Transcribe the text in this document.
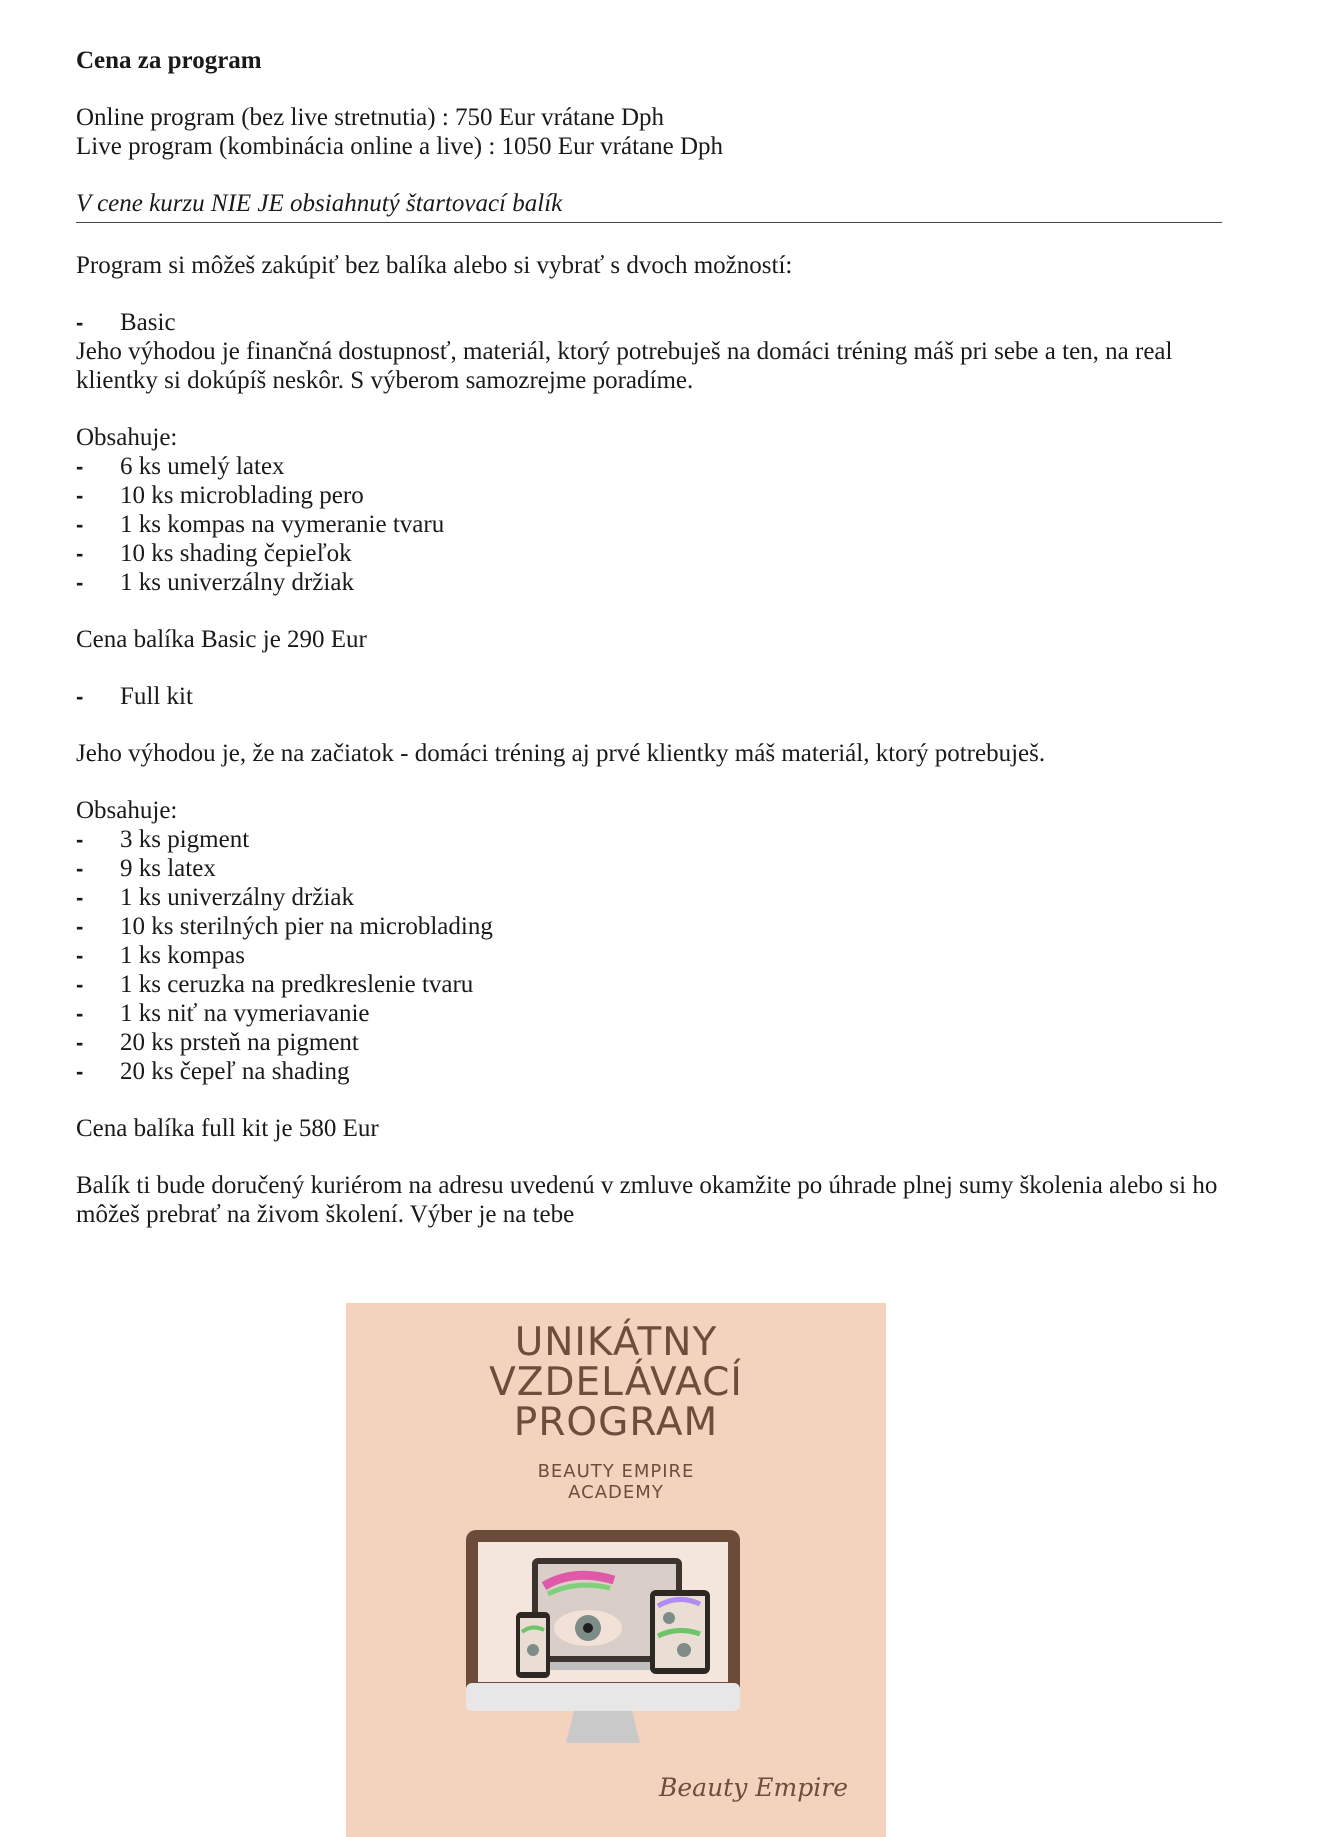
Cena za program

Online program (bez live stretnutia) : 750 Eur vrátane Dph

Live program (kombinácia online a live) : 1050 Eur vrátane Dph

V cene kurzu NIE JE obsiahnutý štartovací balík

Program si môžeš zakúpiť bez balíka alebo si vybrať s dvoch možností:

-	Basic

Jeho výhodou je finančná dostupnosť, materiál, ktorý potrebuješ na domáci tréning máš pri sebe a ten, na real klientky si dokúpíš neskôr. S výberom samozrejme poradíme.

Obsahuje:

-	6 ks umelý latex
-	10 ks microblading pero
-	1 ks kompas na vymeranie tvaru
-	10 ks shading čepieľok
-	1 ks univerzálny držiak

Cena balíka Basic je 290 Eur

-	Full kit

Jeho výhodou je, že na začiatok - domáci tréning aj prvé klientky máš materiál, ktorý potrebuješ.

Obsahuje:

-	3 ks pigment
-	9 ks latex
-	1 ks univerzálny držiak
-	10 ks sterilných pier na microblading
-	1 ks kompas
-	1 ks ceruzka na predkreslenie tvaru
-	1 ks niť na vymeriavanie
-	20 ks prsteň na pigment
-	20 ks čepeľ na shading

Cena balíka full kit je 580 Eur

Balík ti bude doručený kuriérom na adresu uvedenú v zmluve okamžite po úhrade plnej sumy školenia alebo si ho môžeš prebrať na živom školení. Výber je na tebe

UNIKÁTNY
VZDELÁVACÍ
PROGRAM
BEAUTY EMPIRE
ACADEMY
Beauty Empire
